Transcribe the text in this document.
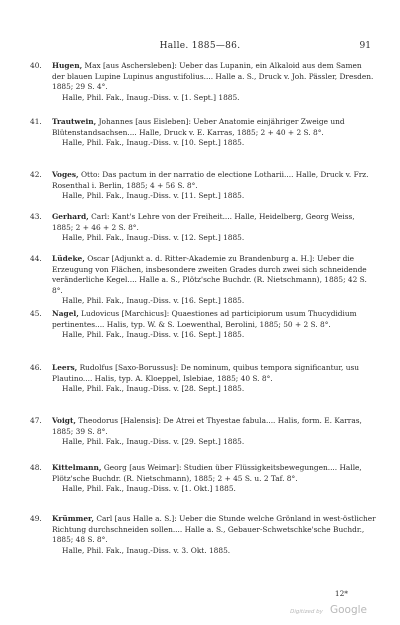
Halle. 1885—86.	91
40.	Hugen, Max [aus Aschersleben]: Ueber das Lupanin, ein Alkaloid aus dem Samen der blauen Lupine Lupinus angustifolius.... Halle a. S., Druck v. Joh. Pässler, Dresden. 1885; 29 S. 4°.

Halle, Phil. Fak., Inaug.-Diss. v. [1. Sept.] 1885.

41.	Trautwein, Johannes [aus Eisleben]: Ueber Anatomie einjähriger Zweige und Blütenstandsachsen.... Halle, Druck v. E. Karras, 1885; 2 + 40 + 2 S. 8°.

Halle, Phil. Fak., Inaug.-Diss. v. [10. Sept.] 1885.

42.	Voges, Otto: Das pactum in der narratio de electione Lotharii.... Halle, Druck v. Frz. Rosenthal i. Berlin, 1885; 4 + 56 S. 8°.

Halle, Phil. Fak., Inaug.-Diss. v. [11. Sept.] 1885.

43.	Gerhard, Carl: Kant's Lehre von der Freiheit.... Halle, Heidelberg, Georg Weiss, 1885; 2 + 46 + 2 S. 8°.

Halle, Phil. Fak., Inaug.-Diss. v. [12. Sept.] 1885.

44.	Lüdeke, Oscar [Adjunkt a. d. Ritter-Akademie zu Brandenburg a. H.]: Ueber die Erzeugung von Flächen, insbesondere zweiten Grades durch zwei sich schneidende veränderliche Kegel.... Halle a. S., Plötz'sche Buchdr. (R. Nietschmann), 1885; 42 S. 8°.

Halle, Phil. Fak., Inaug.-Diss. v. [16. Sept.] 1885.

45.	Nagel, Ludovicus [Marchicus]: Quaestiones ad participiorum usum Thucydidium pertinentes.... Halis, typ. W. & S. Loewenthal, Berolini, 1885; 50 + 2 S. 8°.

Halle, Phil. Fak., Inaug.-Diss. v. [16. Sept.] 1885.

46.	Leers, Rudolfus [Saxo-Borussus]: De nominum, quibus tempora significantur, usu Plautino.... Halis, typ. A. Kloeppel, Islebiae, 1885; 40 S. 8°.

Halle, Phil. Fak., Inaug.-Diss. v. [28. Sept.] 1885.

47.	Voigt, Theodorus [Halensis]: De Atrei et Thyestae fabula.... Halis, form. E. Karras, 1885; 39 S. 8°.

Halle, Phil. Fak., Inaug.-Diss. v. [29. Sept.] 1885.

48.	Kittelmann, Georg [aus Weimar]: Studien über Flüssigkeitsbewegungen.... Halle, Plötz'sche Buchdr. (R. Nietschmann), 1885; 2 + 45 S. u. 2 Taf. 8°.

Halle, Phil. Fak., Inaug.-Diss. v. [1. Okt.] 1885.

49.	Krümmer, Carl [aus Halle a. S.]: Ueber die Stunde welche Grönland in west-östlicher Richtung durchschneiden sollen.... Halle a. S., Gebauer-Schwetschke'sche Buchdr., 1885; 48 S. 8°.

Halle, Phil. Fak., Inaug.-Diss. v. 3. Okt. 1885.

12*
Digitized by Google
